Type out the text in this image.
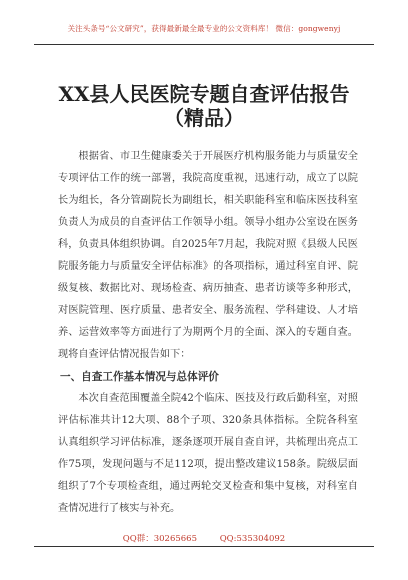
关注头条号“公文研究”，获得最新最全最专业的公文资料库！ 微信：gongwenyj
XX县人民医院专题自查评估报告
（精品）

根据省、市卫生健康委关于开展医疗机构服务能力与质量安全专项评估工作的统一部署，我院高度重视，迅速行动，成立了以院长为组长，各分管副院长为副组长，相关职能科室和临床医技科室负责人为成员的自查评估工作领导小组。领导小组办公室设在医务科，负责具体组织协调。自2025年7月起，我院对照《县级人民医院服务能力与质量安全评估标准》的各项指标，通过科室自评、院级复核、数据比对、现场检查、病历抽查、患者访谈等多种形式，对医院管理、医疗质量、患者安全、服务流程、学科建设、人才培养、运营效率等方面进行了为期两个月的全面、深入的专题自查。现将自查评估情况报告如下：

一、自查工作基本情况与总体评价

本次自查范围覆盖全院42个临床、医技及行政后勤科室，对照评估标准共计12大项、88个子项、320条具体指标。全院各科室认真组织学习评估标准，逐条逐项开展自查自评，共梳理出亮点工作75项，发现问题与不足112项，提出整改建议158条。院级层面组织了7个专项检查组，通过两轮交叉检查和集中复核，对科室自查情况进行了核实与补充。

QQ群：30265665	QQ:535304092
